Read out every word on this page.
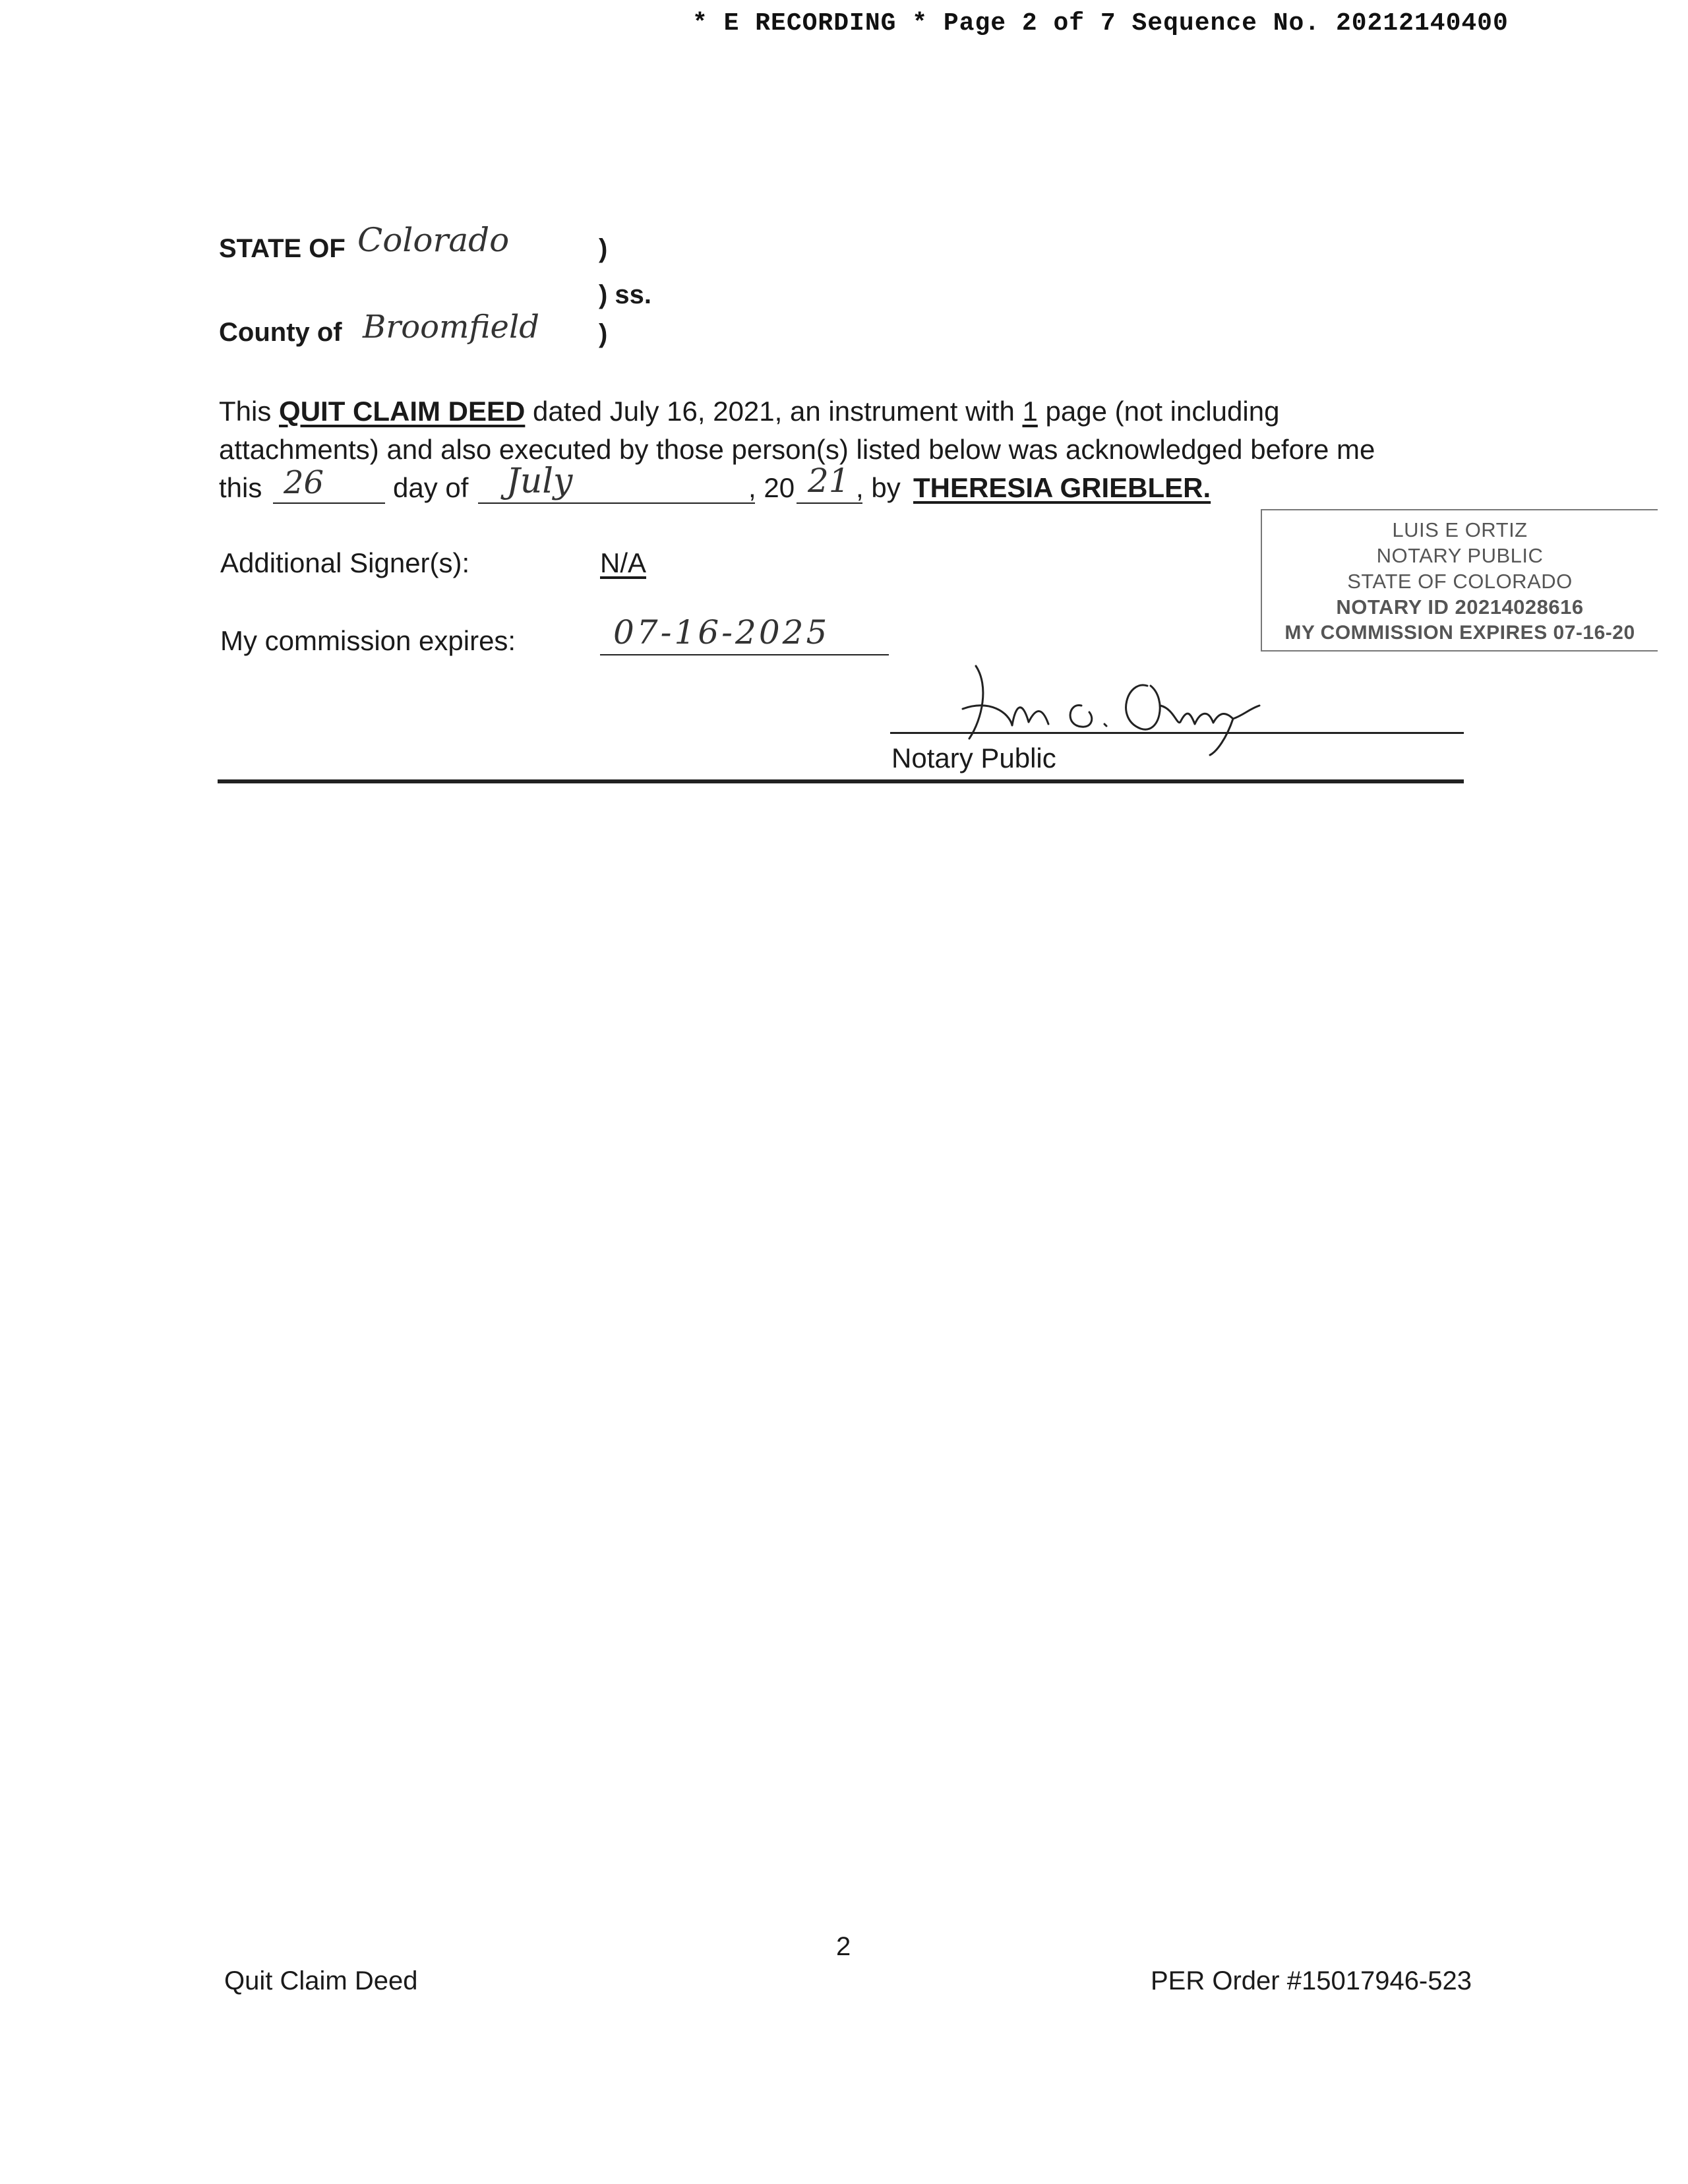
* E RECORDING * Page 2 of 7 Sequence No. 20212140400
STATE OF Colorado	)
) ss.
County of Broomfield )
This QUIT CLAIM DEED dated July 16, 2021, an instrument with 1 page (not including
attachments) and also executed by those person(s) listed below was acknowledged before me
this 26 day of July	, 20 21 , by THERESIA GRIEBLER.
Additional Signer(s):	N/A
My commission expires:	07-16-2025
LUIS E ORTIZ
NOTARY PUBLIC
STATE OF COLORADO
NOTARY ID 20214028616
MY COMMISSION EXPIRES 07-16-20
Notary Public
2
Quit Claim Deed	PER Order #15017946-523
